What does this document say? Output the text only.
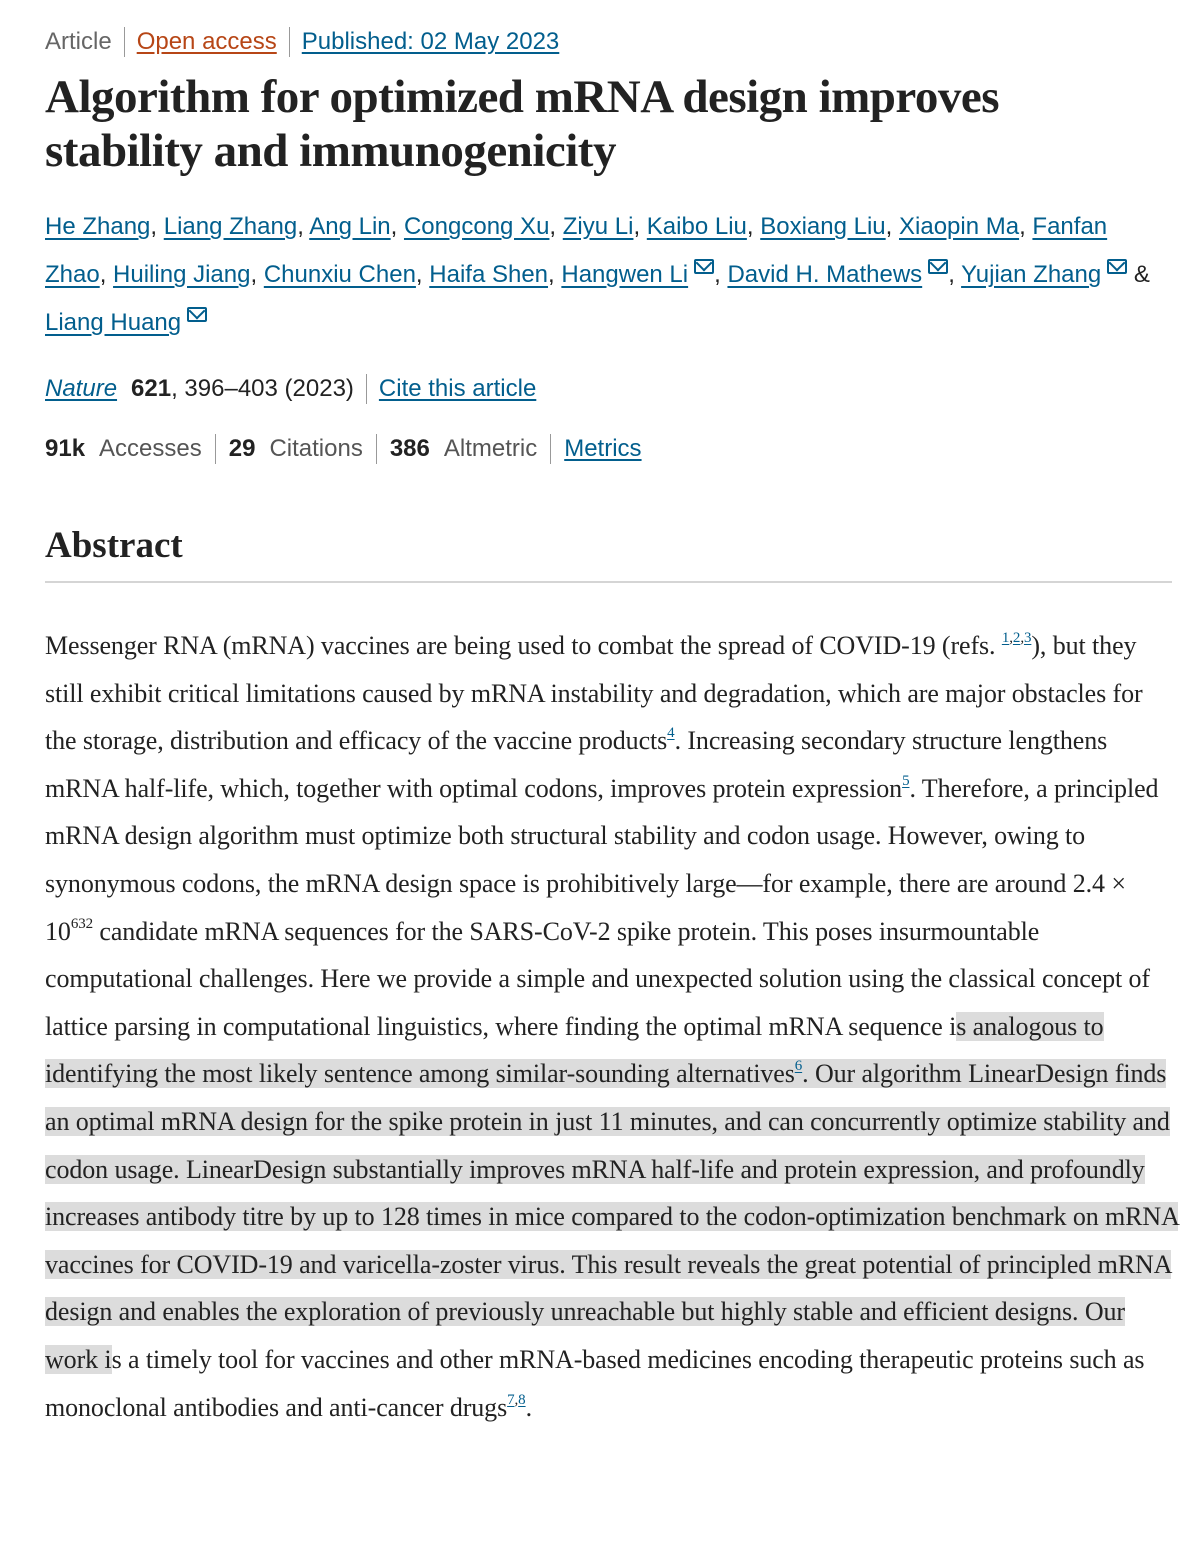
Article Open access Published: 02 May 2023
Algorithm for optimized mRNA design improves stability and immunogenicity
He Zhang, Liang Zhang, Ang Lin, Congcong Xu, Ziyu Li, Kaibo Liu, Boxiang Liu, Xiaopin Ma, Fanfan Zhao, Huiling Jiang, Chunxiu Chen, Haifa Shen, Hangwen Li , David H. Mathews , Yujian Zhang & Liang Huang
Nature 621 , 396–403 (2023) Cite this article
91k Accesses 29 Citations 386 Altmetric Metrics
Abstract

Messenger RNA (mRNA) vaccines are being used to combat the spread of COVID-19 (refs. $^{1,2,3}$), but they still exhibit critical limitations caused by mRNA instability and degradation, which are major obstacles for the storage, distribution and efficacy of the vaccine products$^4$. Increasing secondary structure lengthens mRNA half-life, which, together with optimal codons, improves protein expression$^5$. Therefore, a principled mRNA design algorithm must optimize both structural stability and codon usage. However, owing to synonymous codons, the mRNA design space is prohibitively large—for example, there are around $2.4 \times 10^{632}$ candidate mRNA sequences for the SARS-CoV-2 spike protein. This poses insurmountable computational challenges. Here we provide a simple and unexpected solution using the classical concept of lattice parsing in computational linguistics, where finding the optimal mRNA sequence is analogous to identifying the most likely sentence among similar-sounding alternatives$^6$. Our algorithm LinearDesign finds an optimal mRNA design for the spike protein in just 11 minutes, and can concurrently optimize stability and codon usage. LinearDesign substantially improves mRNA half-life and protein expression, and profoundly increases antibody titre by up to 128 times in mice compared to the codon-optimization benchmark on mRNA vaccines for COVID-19 and varicella-zoster virus. This result reveals the great potential of principled mRNA design and enables the exploration of previously unreachable but highly stable and efficient designs. Our work is a timely tool for vaccines and other mRNA-based medicines encoding therapeutic proteins such as monoclonal antibodies and anti-cancer drugs$^{7,8}$.
